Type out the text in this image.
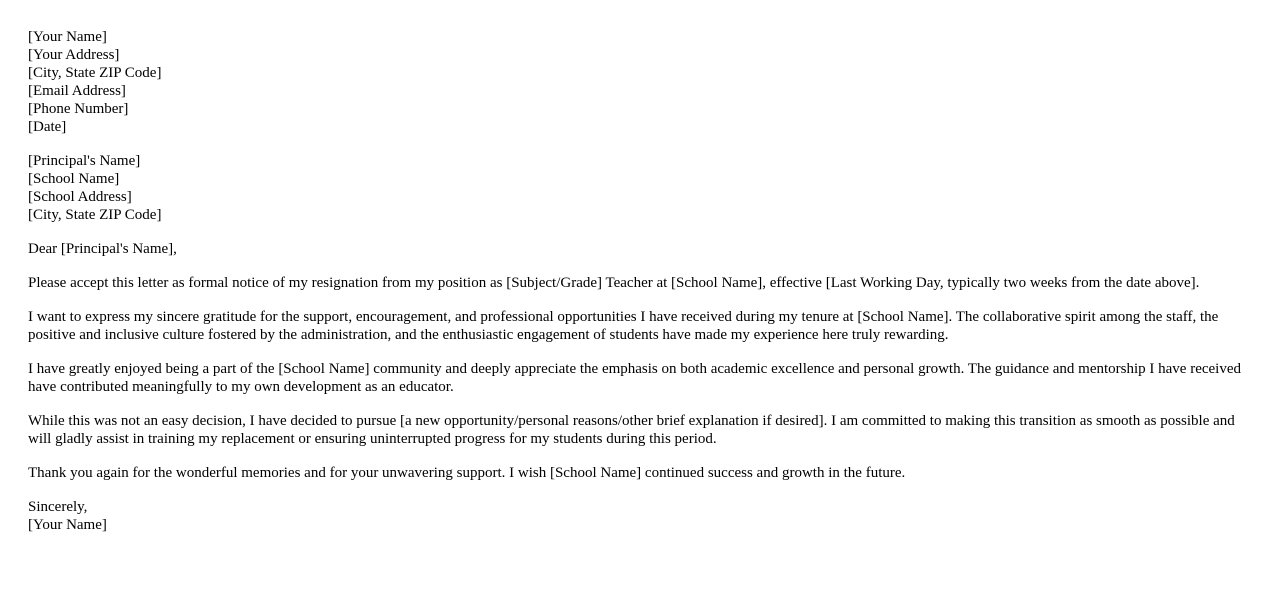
[Your Name]
[Your Address]
[City, State ZIP Code]
[Email Address]
[Phone Number]
[Date]
[Principal's Name]
[School Name]
[School Address]
[City, State ZIP Code]

Dear [Principal's Name],

Please accept this letter as formal notice of my resignation from my position as [Subject/Grade] Teacher at [School Name], effective [Last Working Day, typically two weeks from the date above].

I want to express my sincere gratitude for the support, encouragement, and professional opportunities I have received during my tenure at [School Name]. The collaborative spirit among the staff, the positive and inclusive culture fostered by the administration, and the enthusiastic engagement of students have made my experience here truly rewarding.

I have greatly enjoyed being a part of the [School Name] community and deeply appreciate the emphasis on both academic excellence and personal growth. The guidance and mentorship I have received have contributed meaningfully to my own development as an educator.

While this was not an easy decision, I have decided to pursue [a new opportunity/personal reasons/other brief explanation if desired]. I am committed to making this transition as smooth as possible and will gladly assist in training my replacement or ensuring uninterrupted progress for my students during this period.

Thank you again for the wonderful memories and for your unwavering support. I wish [School Name] continued success and growth in the future.

Sincerely,
[Your Name]
